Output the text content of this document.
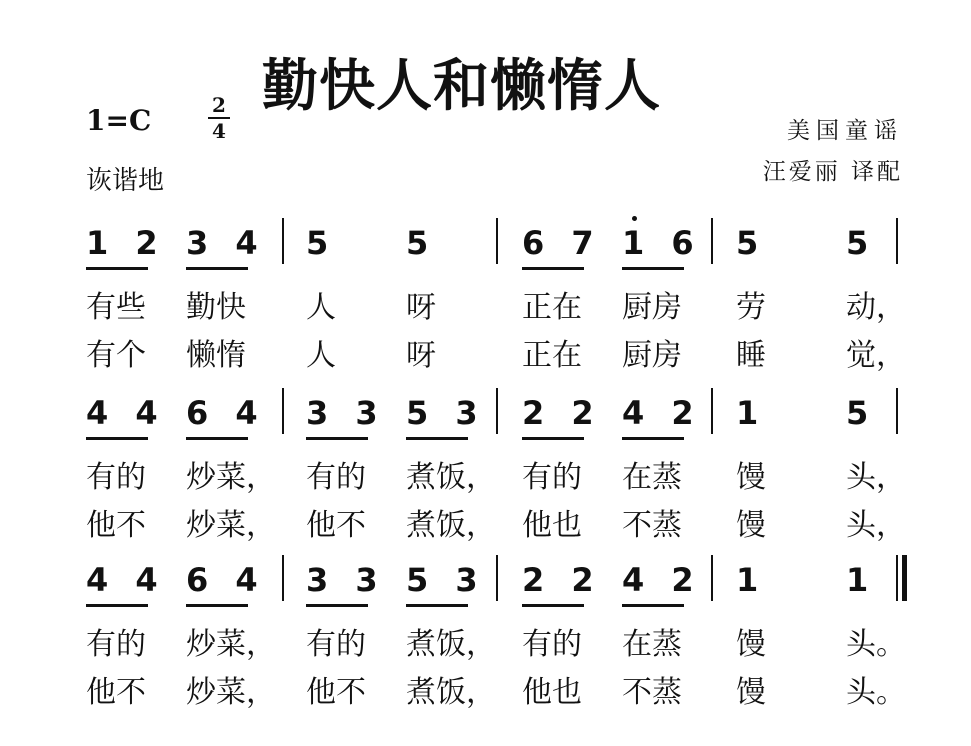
勤快人和懒惰人
1=C	2
4
诙谐地
美国童谣
汪爱丽 译配
1 2 3 4 5 5	6 7 1 6 5 5
有些 勤快 人 呀	正在 厨房 劳	动，
有个 懒惰 人 呀	正在 厨房 睡	觉，
4 4 6 4 3 3 5 3 2 2 4 2 1 5
有的 炒菜， 有的 煮饭， 有的 在蒸 馒	头，
他不 炒菜， 他不 煮饭， 他也 不蒸 馒	头，
4 4 6 4 3 3 5 3 2 2 4 2 1 1
有的 炒菜， 有的 煮饭， 有的 在蒸 馒	头。
他不 炒菜， 他不 煮饭， 他也 不蒸 馒	头。
